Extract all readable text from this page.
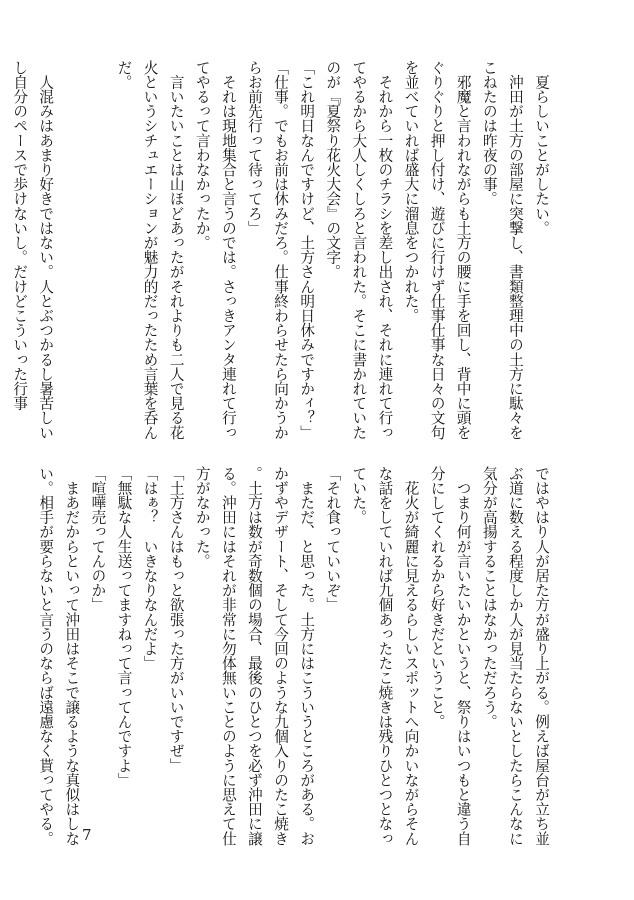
　夏らしいことがしたい。
　沖田が土方の部屋に突撃し、書類整理中の土方に駄々を
こねたのは昨夜の事。
　邪魔と言われながらも土方の腰に手を回し、背中に頭を
ぐりぐりと押し付け、遊びに行けず仕事仕事な日々の文句
を並べていれば盛大に溜息をつかれた。
　それから一枚のチラシを差し出され、それに連れて行っ
てやるから大人しくしろと言われた。そこに書かれていた
のが『夏祭り花火大会』の文字。
「これ明日なんですけど、土方さん明日休みですかィ？」
「仕事。でもお前は休みだろ。仕事終わらせたら向かうか
らお前先行って待ってろ」
　それは現地集合と言うのでは。さっきアンタ連れて行っ
てやるって言わなかったか。
　言いたいことは山ほどあったがそれよりも二人で見る花
火というシチュエーションが魅力的だったため言葉を呑ん
だ。

　人混みはあまり好きではない。人とぶつかるし暑苦しい
し自分のペースで歩けないし。だけどこういった行事
ではやはり人が居た方が盛り上がる。例えば屋台が立ち並
ぶ道に数える程度しか人が見当たらないとしたらこんなに
気分が高揚することはなかっただろう。
　つまり何が言いたいかというと、祭りはいつもと違う自
分にしてくれるから好きだということ。
　花火が綺麗に見えるらしいスポットへ向かいながらそん
な話をしていれば九個あったたこ焼きは残りひとつとなっ
ていた。
「それ食っていいぞ」
　まただ、と思った。土方にはこういうところがある。お
かずやデザート、そして今回のような九個入りのたこ焼き
。土方は数が奇数個の場合、最後のひとつを必ず沖田に譲
る。沖田にはそれが非常に勿体無いことのように思えて仕
方がなかった。
「土方さんはもっと欲張った方がいいですぜ」
「はぁ？　いきなりなんだよ」
「無駄な人生送ってますねって言ってんですよ」
「喧嘩売ってんのか」
　まあだからといって沖田はそこで譲るような真似はしな
い。相手が要らないと言うのならば遠慮なく貰ってやる。	7
